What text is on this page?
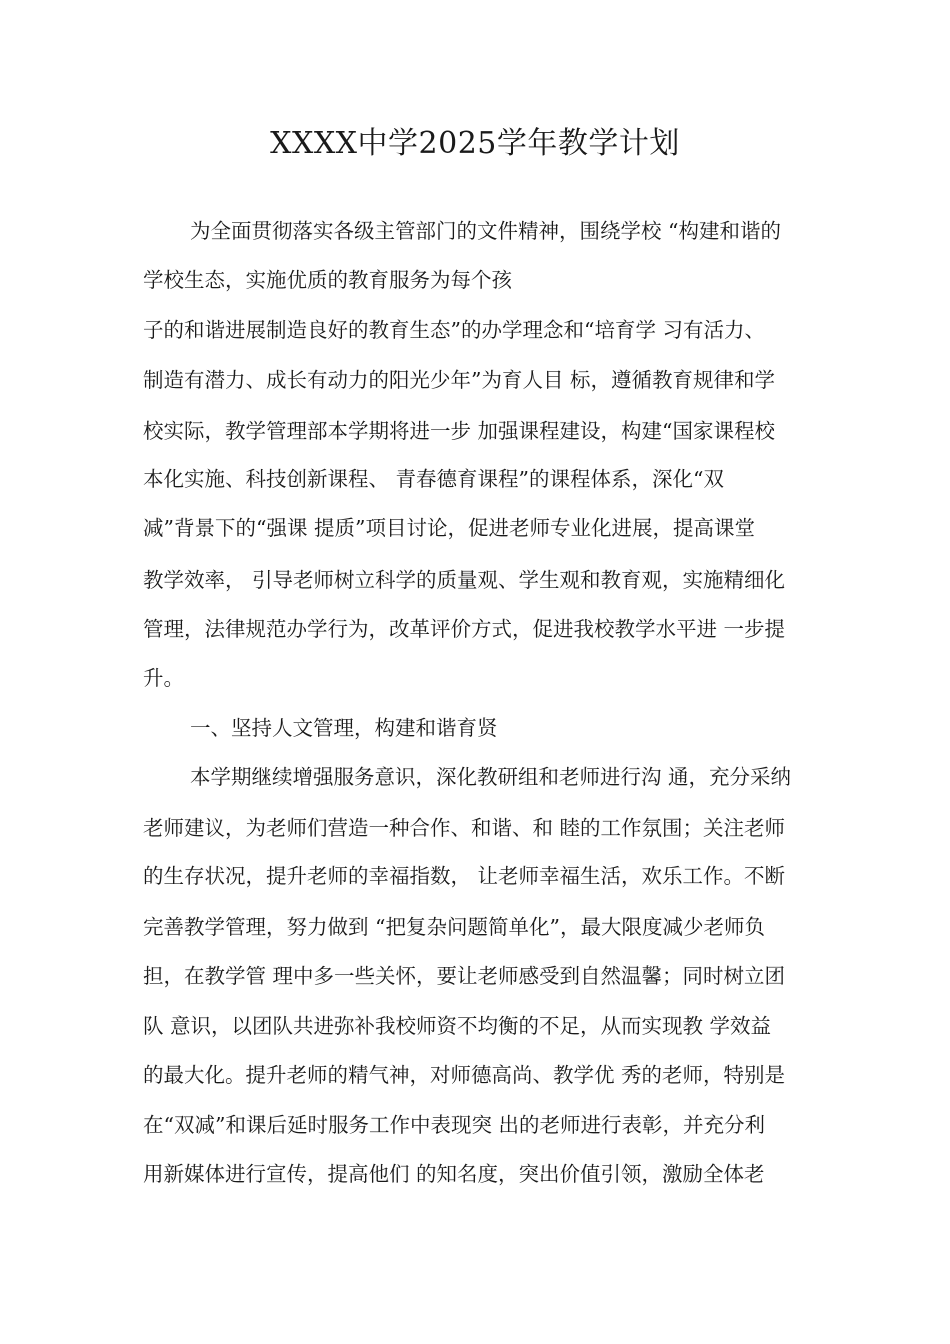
XXXX中学2025学年教学计划
为全面贯彻落实各级主管部门的文件精神，围绕学校 “构建和谐的
学校生态，实施优质的教育服务为每个孩
子的和谐进展制造良好的教育生态”的办学理念和“培育学 习有活力、
制造有潜力、成长有动力的阳光少年”为育人目 标，遵循教育规律和学
校实际，教学管理部本学期将进一步 加强课程建设，构建“国家课程校
本化实施、科技创新课程、 青春德育课程”的课程体系，深化“双
减”背景下的“强课 提质”项目讨论，促进老师专业化进展，提高课堂
教学效率， 引导老师树立科学的质量观、学生观和教育观，实施精细化
管理，法律规范办学行为，改革评价方式，促进我校教学水平进 一步提
升。
一、坚持人文管理，构建和谐育贤
本学期继续增强服务意识，深化教研组和老师进行沟 通，充分采纳
老师建议，为老师们营造一种合作、和谐、和 睦的工作氛围；关注老师
的生存状况，提升老师的幸福指数， 让老师幸福生活，欢乐工作。不断
完善教学管理，努力做到 “把复杂问题简单化”，最大限度减少老师负
担，在教学管 理中多一些关怀，要让老师感受到自然温馨；同时树立团
队 意识，以团队共进弥补我校师资不均衡的不足，从而实现教 学效益
的最大化。提升老师的精气神，对师德高尚、教学优 秀的老师，特别是
在“双减”和课后延时服务工作中表现突 出的老师进行表彰，并充分利
用新媒体进行宣传，提高他们 的知名度，突出价值引领，激励全体老
